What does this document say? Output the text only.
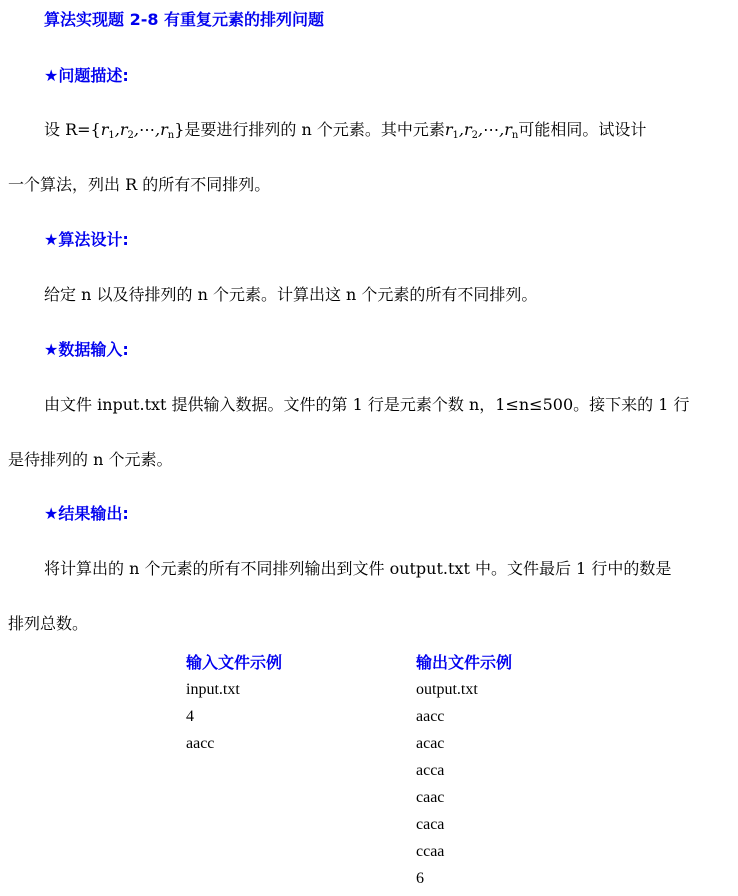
算法实现题 2-8 有重复元素的排列问题
★问题描述:
设 $R=\{r_1,r_2,\cdots,r_n\}$是要进行排列的 n 个元素。其中元素$r_1,r_2,\cdots,r_n$可能相同。试设计
一个算法，列出 R 的所有不同排列。
★算法设计:
给定 n 以及待排列的 n 个元素。计算出这 n 个元素的所有不同排列。
★数据输入:
由文件 input.txt 提供输入数据。文件的第 1 行是元素个数 n，1≤n≤500。接下来的 1 行
是待排列的 n 个元素。
★结果输出:
将计算出的 n 个元素的所有不同排列输出到文件 output.txt 中。文件最后 1 行中的数是
排列总数。
输入文件示例
input.txt
4
aacc
输出文件示例
output.txt
aacc
acac
acca
caac
caca
ccaa
6
